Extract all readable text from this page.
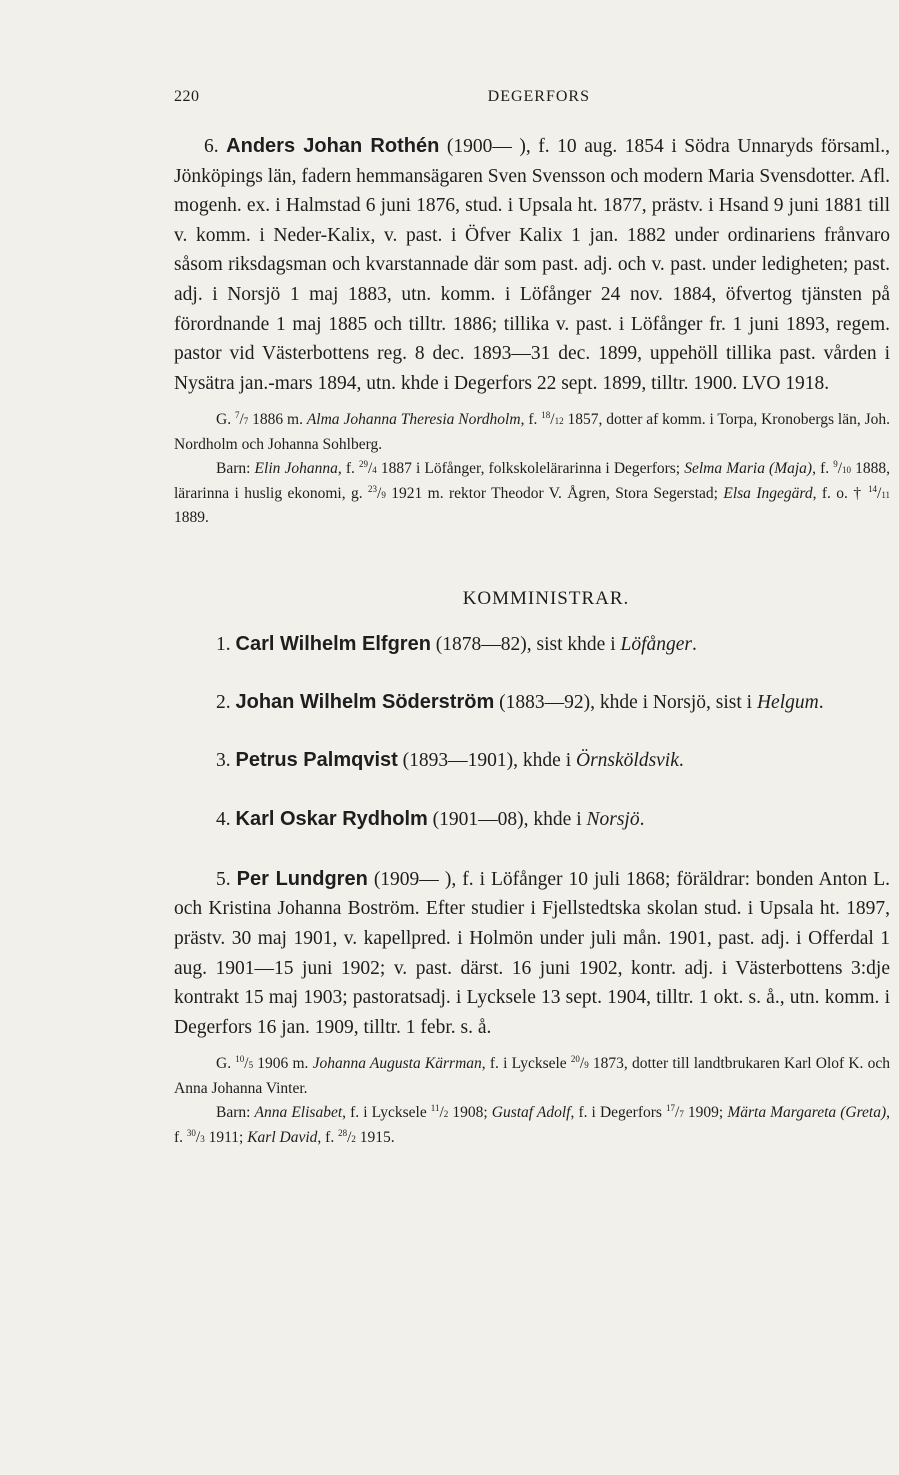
220	DEGERFORS

6. Anders Johan Rothén (1900— ), f. 10 aug. 1854 i Södra Unnaryds församl., Jönköpings län, fadern hemmansägaren Sven Svensson och modern Maria Svensdotter. Afl. mogenh. ex. i Halmstad 6 juni 1876, stud. i Upsala ht. 1877, prästv. i Hsand 9 juni 1881 till v. komm. i Neder-Kalix, v. past. i Öfver Kalix 1 jan. 1882 under ordinariens frånvaro såsom riksdagsman och kvarstannade där som past. adj. och v. past. under ledigheten; past. adj. i Norsjö 1 maj 1883, utn. komm. i Löfånger 24 nov. 1884, öfvertog tjänsten på förordnande 1 maj 1885 och tilltr. 1886; tillika v. past. i Löfånger fr. 1 juni 1893, regem. pastor vid Västerbottens reg. 8 dec. 1893—31 dec. 1899, uppehöll tillika past. vården i Nysätra jan.-mars 1894, utn. khde i Degerfors 22 sept. 1899, tilltr. 1900. LVO 1918.

G. $^7$/7 1886 m. Alma Johanna Theresia Nordholm, f. $^{18}$/12 1857, dotter af komm. i Torpa, Kronobergs län, Joh. Nordholm och Johanna Sohlberg.

Barn: Elin Johanna, f. $^{29}$/4 1887 i Löfånger, folkskolelärarinna i Degerfors; Selma Maria (Maja), f. $^9$/10 1888, lärarinna i huslig ekonomi, g. $^{23}$/9 1921 m. rektor Theodor V. Ågren, Stora Segerstad; Elsa Ingegärd, f. o. † $^{14}$/11 1889.

KOMMINISTRAR.

1. Carl Wilhelm Elfgren (1878—82), sist khde i Löfånger.

2. Johan Wilhelm Söderström (1883—92), khde i Norsjö, sist i Helgum.

3. Petrus Palmqvist (1893—1901), khde i Örnsköldsvik.

4. Karl Oskar Rydholm (1901—08), khde i Norsjö.

5. Per Lundgren (1909— ), f. i Löfånger 10 juli 1868; föräldrar: bonden Anton L. och Kristina Johanna Boström. Efter studier i Fjellstedtska skolan stud. i Upsala ht. 1897, prästv. 30 maj 1901, v. kapellpred. i Holmön under juli mån. 1901, past. adj. i Offerdal 1 aug. 1901—15 juni 1902; v. past. därst. 16 juni 1902, kontr. adj. i Västerbottens 3:dje kontrakt 15 maj 1903; pastoratsadj. i Lycksele 13 sept. 1904, tilltr. 1 okt. s. å., utn. komm. i Degerfors 16 jan. 1909, tilltr. 1 febr. s. å.

G. $^{10}$/5 1906 m. Johanna Augusta Kärrman, f. i Lycksele $^{20}$/9 1873, dotter till landtbrukaren Karl Olof K. och Anna Johanna Vinter.

Barn: Anna Elisabet, f. i Lycksele $^{11}$/2 1908; Gustaf Adolf, f. i Degerfors $^{17}$/7 1909; Märta Margareta (Greta), f. $^{30}$/3 1911; Karl David, f. $^{28}$/2 1915.
